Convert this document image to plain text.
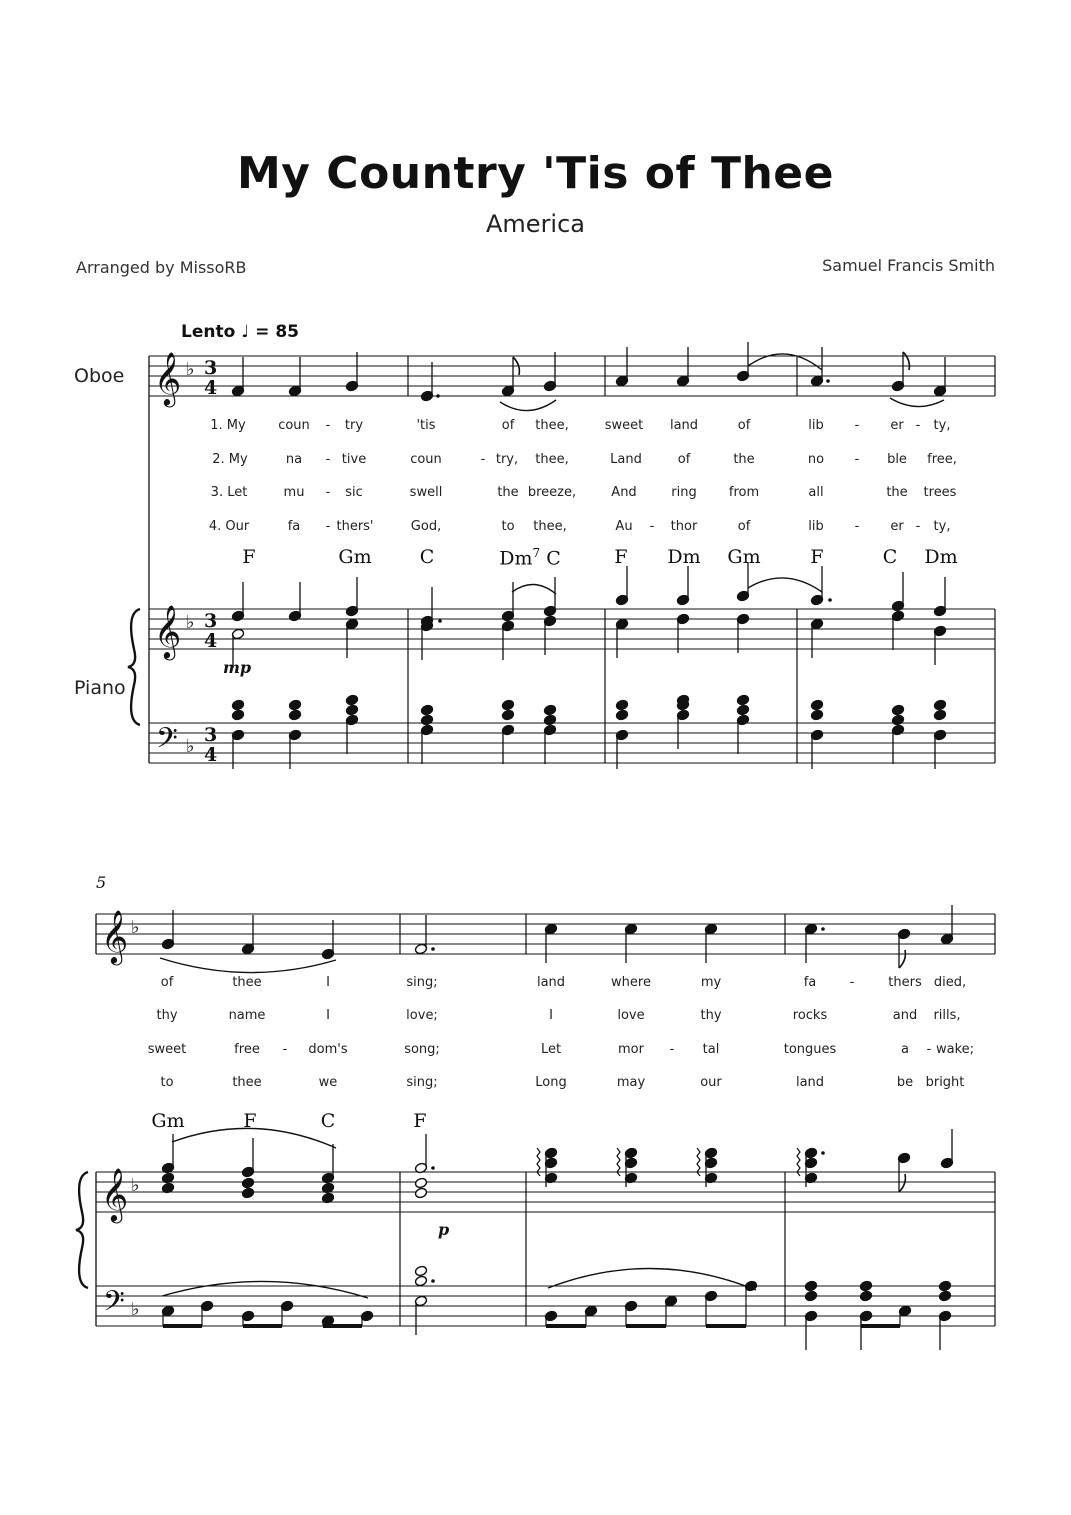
My Country 'Tis of Thee
America
Arranged by MissoRB	Samuel Francis Smith
Lento ♩ = 85
Oboe
Piano
5
mp
p
1. My coun - try	'tis	of thee,	sweet land	of	lib - er - ty,
2. My	na - tive	coun	- try, thee,	Land	of	the	no - ble free,
3. Let	mu - sic	swell	the breeze,	And	ring from	all	the trees
4. Our	fa - thers'	God,	to thee,	Au - thor	of	lib - er - ty,
F	Gm	C	Dm$^7$ C	F Dm Gm	F	C Dm
of	thee	I	sing;	land	where	my	fa	-	thers died,
thy	name	I	love;	I	love	thy	rocks	and rills,
sweet	free - dom's	song;	Let	mor - tal	tongues	a - wake;
to	thee	we	sing;	Long	may	our	land	be bright
Gm	F	C	F
𝄞 ♭ 3
4
𝄞 ♭ 3
4
𝄢 ♭
3
4
𝄞 ♭
𝄞 ♭
𝄢 ♭
